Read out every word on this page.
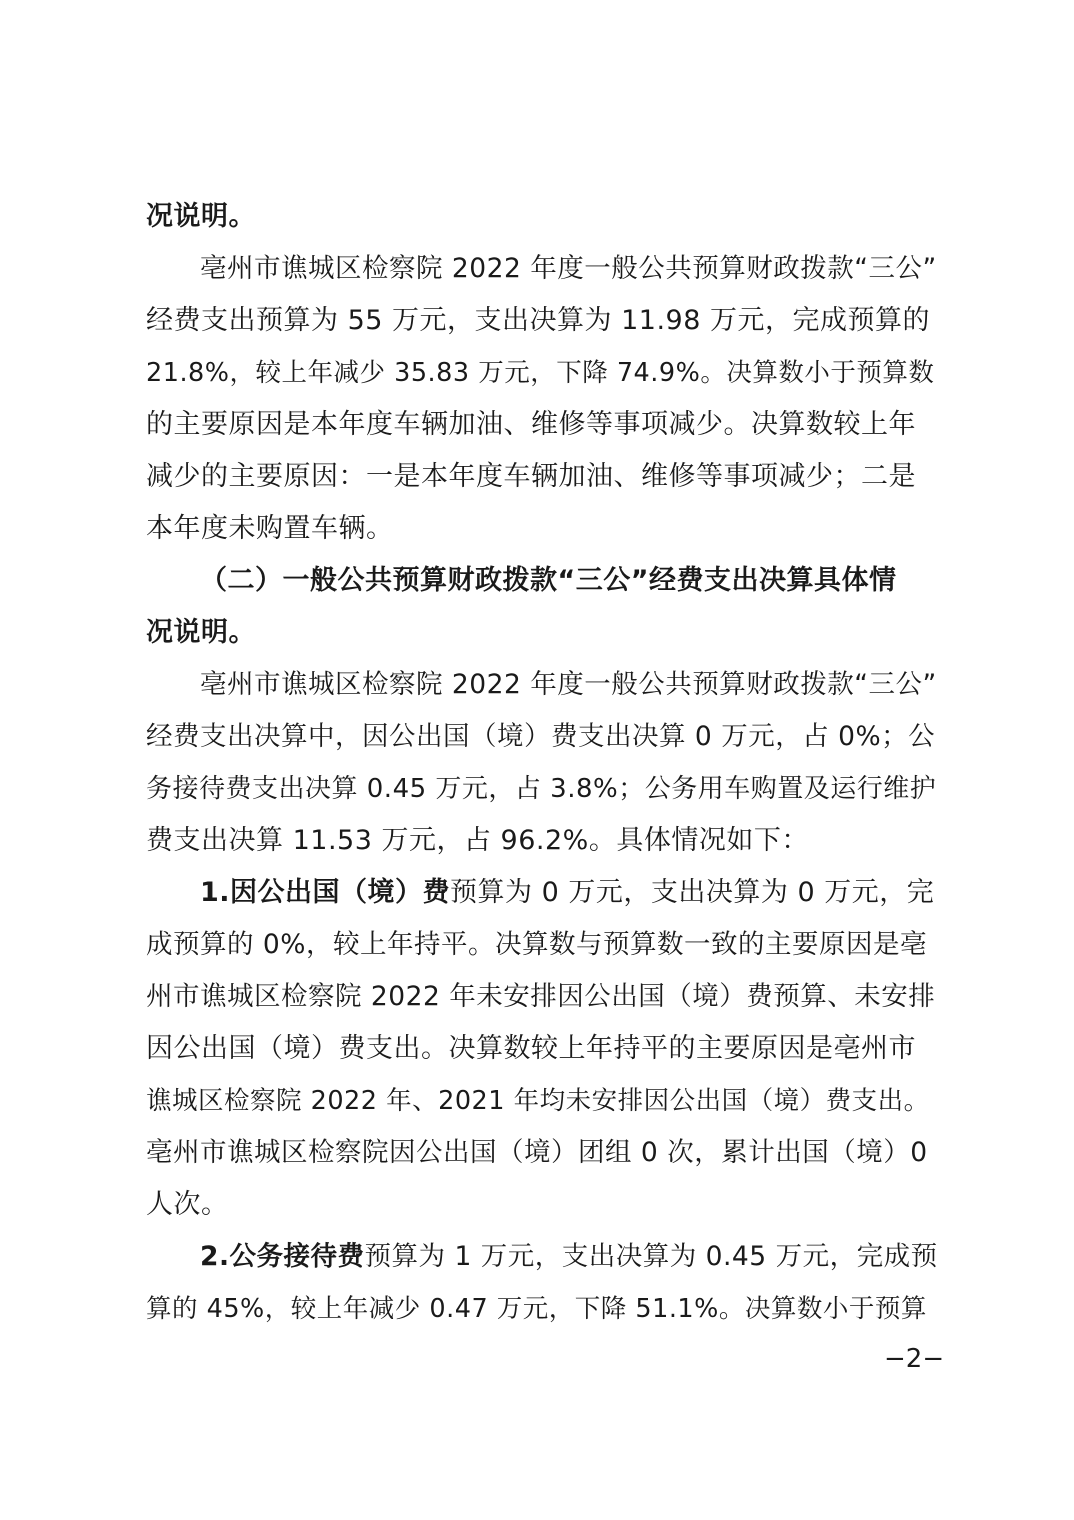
况说明。
亳州市谯城区检察院 2022 年度一般公共预算财政拨款“三公”
经费支出预算为 55 万元，支出决算为 11.98 万元，完成预算的
21.8%，较上年减少 35.83 万元，下降 74.9%。决算数小于预算数
的主要原因是本年度车辆加油、维修等事项减少。决算数较上年
减少的主要原因：一是本年度车辆加油、维修等事项减少；二是
本年度未购置车辆。
（二）一般公共预算财政拨款“三公”经费支出决算具体情
况说明。
亳州市谯城区检察院 2022 年度一般公共预算财政拨款“三公”
经费支出决算中，因公出国（境）费支出决算 0 万元，占 0%；公
务接待费支出决算 0.45 万元，占 3.8%；公务用车购置及运行维护
费支出决算 11.53 万元，占 96.2%。具体情况如下：
1.因公出国（境）费预算为 0 万元，支出决算为 0 万元，完
成预算的 0%，较上年持平。决算数与预算数一致的主要原因是亳
州市谯城区检察院 2022 年未安排因公出国（境）费预算、未安排
因公出国（境）费支出。决算数较上年持平的主要原因是亳州市
谯城区检察院 2022 年、2021 年均未安排因公出国（境）费支出。
亳州市谯城区检察院因公出国（境）团组 0 次，累计出国（境）0
人次。
2.公务接待费预算为 1 万元，支出决算为 0.45 万元，完成预
算的 45%，较上年减少 0.47 万元，下降 51.1%。决算数小于预算
−2−
